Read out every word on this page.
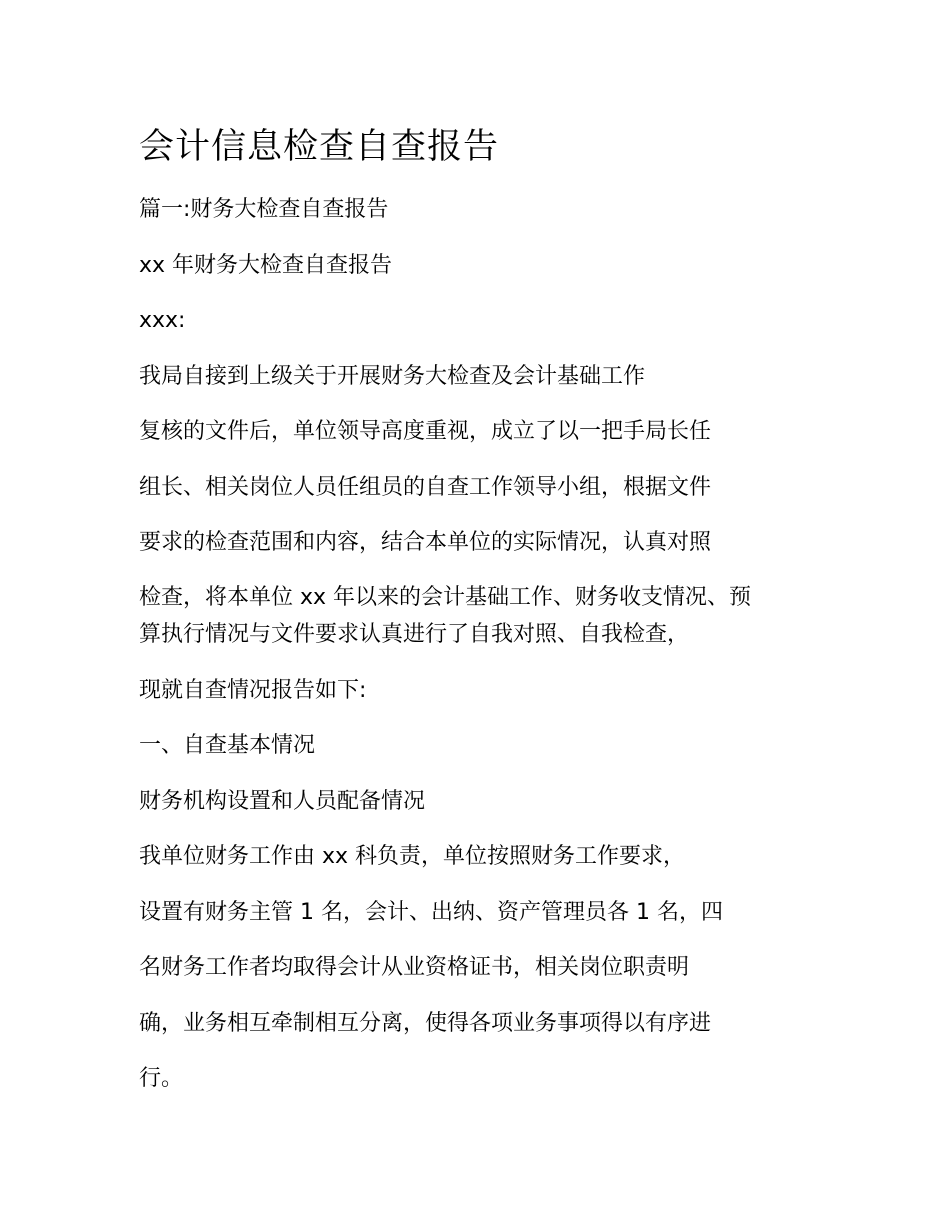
会计信息检查自查报告
篇一:财务大检查自查报告
xx 年财务大检查自查报告
xxx:
我局自接到上级关于开展财务大检查及会计基础工作
复核的文件后，单位领导高度重视，成立了以一把手局长任
组长、相关岗位人员任组员的自查工作领导小组，根据文件
要求的检查范围和内容，结合本单位的实际情况，认真对照
检查，将本单位 xx 年以来的会计基础工作、财务收支情况、预
算执行情况与文件要求认真进行了自我对照、自我检查，
现就自查情况报告如下:
一、自查基本情况
财务机构设置和人员配备情况
我单位财务工作由 xx 科负责，单位按照财务工作要求，
设置有财务主管 1 名，会计、出纳、资产管理员各 1 名，四
名财务工作者均取得会计从业资格证书，相关岗位职责明
确，业务相互牵制相互分离，使得各项业务事项得以有序进
行。
